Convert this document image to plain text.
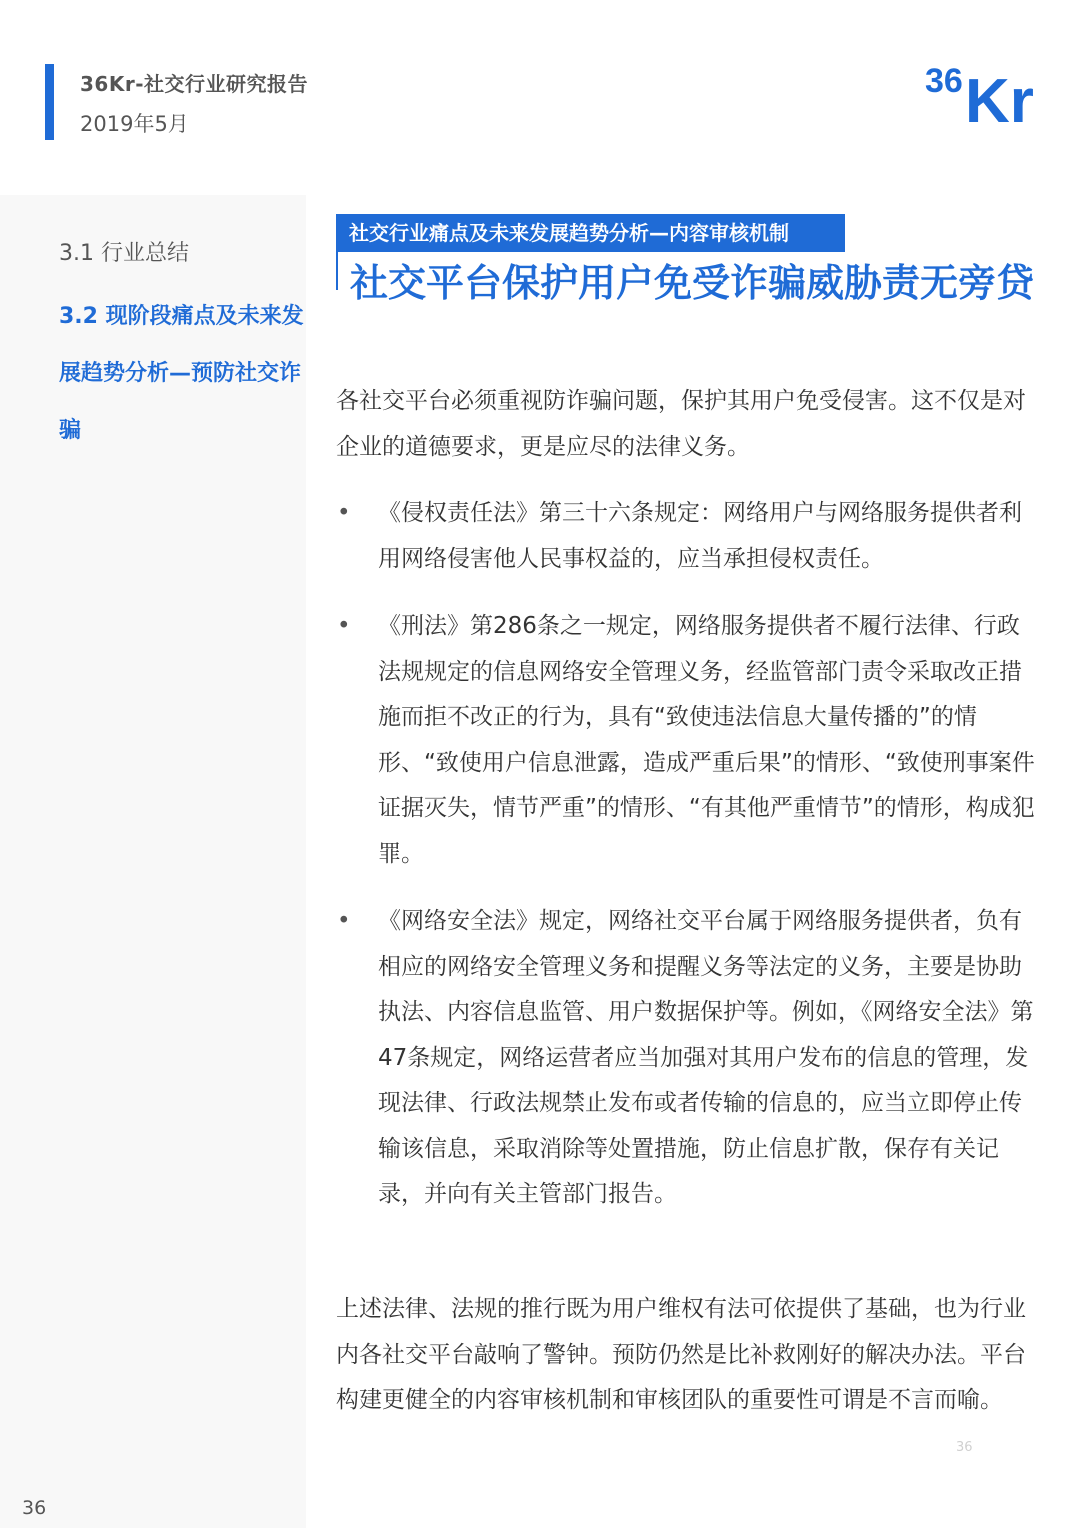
36Kr-社交行业研究报告
2019年5月
36 Kr
3.1 行业总结
3.2 现阶段痛点及未来发展趋势分析—预防社交诈骗
社交行业痛点及未来发展趋势分析—内容审核机制
社交平台保护用户免受诈骗威胁责无旁贷
各社交平台必须重视防诈骗问题，保护其用户免受侵害。这不仅是对企业的道德要求，更是应尽的法律义务。
• 《侵权责任法》第三十六条规定：网络用户与网络服务提供者利用网络侵害他人民事权益的，应当承担侵权责任。
• 《刑法》第286条之一规定，网络服务提供者不履行法律、行政法规规定的信息网络安全管理义务，经监管部门责令采取改正措施而拒不改正的行为，具有“致使违法信息大量传播的”的情形、“致使用户信息泄露，造成严重后果”的情形、“致使刑事案件证据灭失，情节严重”的情形、“有其他严重情节”的情形，构成犯罪。
• 《网络安全法》规定，网络社交平台属于网络服务提供者，负有相应的网络安全管理义务和提醒义务等法定的义务，主要是协助执法、内容信息监管、用户数据保护等。例如，《网络安全法》第47条规定，网络运营者应当加强对其用户发布的信息的管理，发现法律、行政法规禁止发布或者传输的信息的，应当立即停止传输该信息，采取消除等处置措施，防止信息扩散，保存有关记录，并向有关主管部门报告。
上述法律、法规的推行既为用户维权有法可依提供了基础，也为行业内各社交平台敲响了警钟。预防仍然是比补救刚好的解决办法。平台构建更健全的内容审核机制和审核团队的重要性可谓是不言而喻。
36
36
